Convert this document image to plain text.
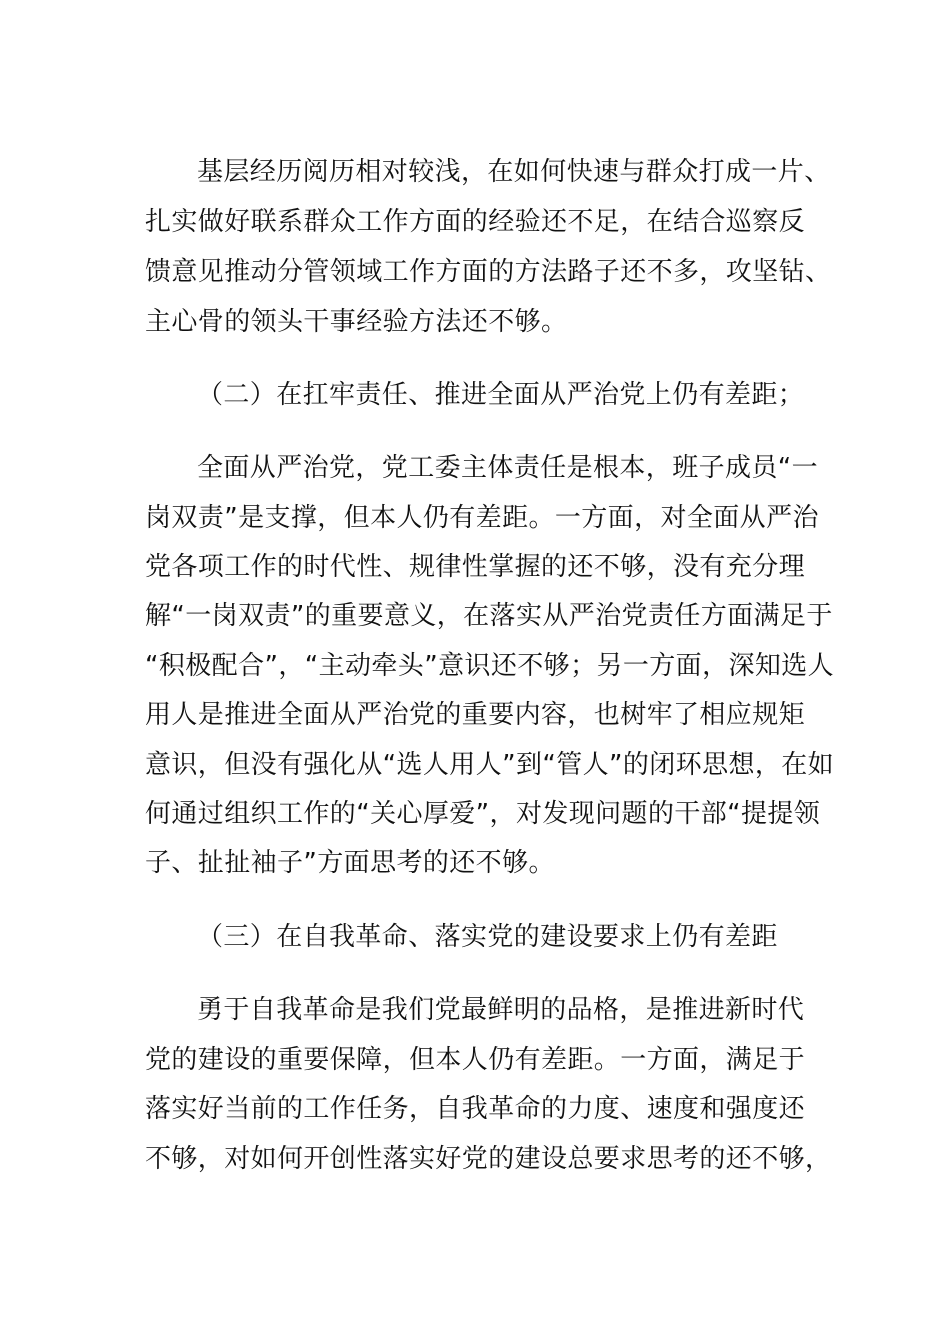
基层经历阅历相对较浅，在如何快速与群众打成一片、

扎实做好联系群众工作方面的经验还不足，在结合巡察反

馈意见推动分管领域工作方面的方法路子还不多，攻坚钻、

主心骨的领头干事经验方法还不够。

（二）在扛牢责任、推进全面从严治党上仍有差距；

全面从严治党，党工委主体责任是根本，班子成员“一

岗双责”是支撑，但本人仍有差距。一方面，对全面从严治

党各项工作的时代性、规律性掌握的还不够，没有充分理

解“一岗双责”的重要意义，在落实从严治党责任方面满足于

“积极配合”，“主动牵头”意识还不够；另一方面，深知选人

用人是推进全面从严治党的重要内容，也树牢了相应规矩

意识，但没有强化从“选人用人”到“管人”的闭环思想，在如

何通过组织工作的“关心厚爱”，对发现问题的干部“提提领

子、扯扯袖子”方面思考的还不够。

（三）在自我革命、落实党的建设要求上仍有差距

勇于自我革命是我们党最鲜明的品格，是推进新时代

党的建设的重要保障，但本人仍有差距。一方面，满足于

落实好当前的工作任务，自我革命的力度、速度和强度还

不够，对如何开创性落实好党的建设总要求思考的还不够，
